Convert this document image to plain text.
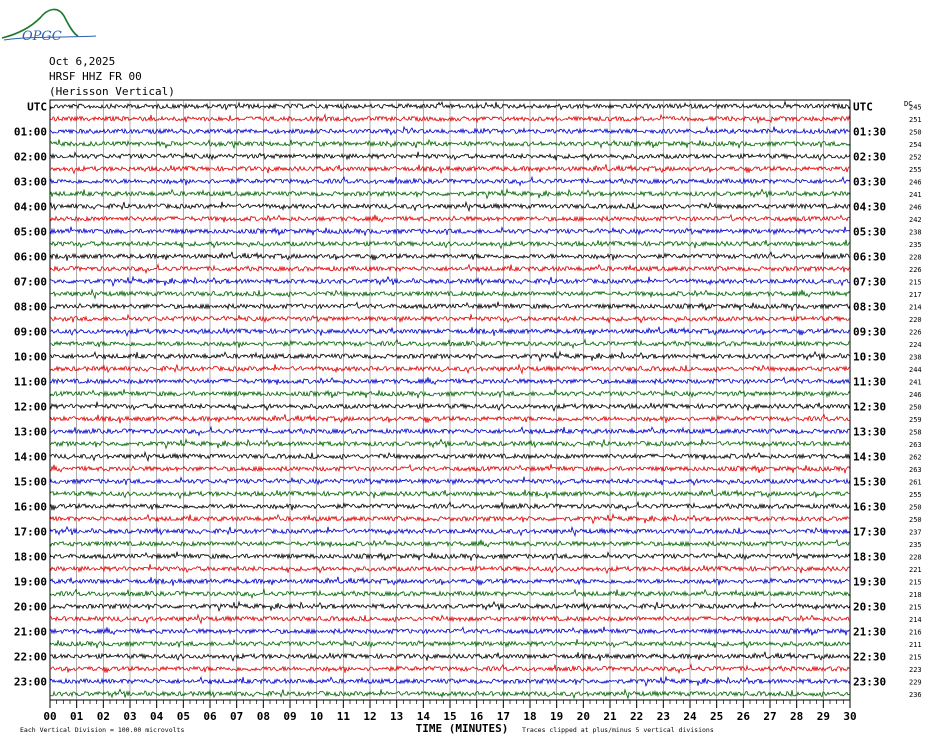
OPGC
Oct 6,2025
HRSF HHZ FR 00
(Herisson Vertical)
DC
UTC
01:00
02:00
03:00
04:00
05:00
06:00
07:00
08:00
09:00
10:00
11:00
12:00
13:00
14:00
15:00
16:00
17:00
18:00
19:00
20:00
21:00
22:00
23:00
UTC
01:30
02:30
03:30
04:30
05:30
06:30
07:30
08:30
09:30
10:30
11:30
12:30
13:30
14:30
15:30
16:30
17:30
18:30
19:30
20:30
21:30
22:30
23:30
245
251
250
254
252
255
246
241
246
242
238
235
228
226
215
217
214
220
226
224
238
244
241
246
250
259
258
263
262
263
261
255
250
250
237
235
228
221
215
218
215
214
216
211
215
223
229
236
00 01 02 03 04 05 06 07 08 09 10 11 12 13 14 15 16 17 18 19 20 21 22 23 24 25 26 27 28 29 30
TIME (MINUTES)
Each Vertical Division = 100.00 microvolts	Traces clipped at plus/minus 5 vertical divisions
